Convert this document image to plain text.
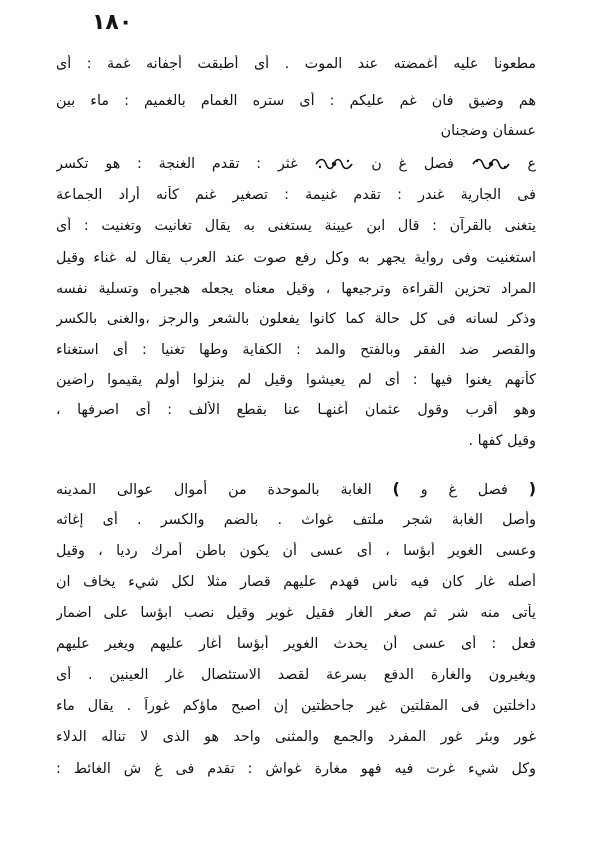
١٨٠
مطعونا عليه أغمضته عند الموت . أى أطبقت أجفانه غمة : أى
هم وضيق فان غم عليكم : أى ستره الغمام بالغميم : ماء بين
عسفان وضجنان
ع  فصل غ ن  غثر : تقدم الغنجة : هو تكسر
فى الجارية غندر : تقدم غنيمة : تصغير غنم كأنه أراد الجماعة
يتغنى بالقرآن : قال ابن عيينة يستغنى به يقال تغانيت وتغنيت : أى
استغنيت وفى رواية يجهر به وكل رفع صوت عند العرب يقال له غناء وقيل
المراد تحزين القراءة وترجيعها ، وقيل معناه يجعله هجيراه وتسلية نفسه
وذكر لسانه فى كل حالة كما كانوا يفعلون بالشعر والرجز ،والغنى بالكسر
والقصر ضد الفقر وبالفتح والمد : الكفاية وطها تغنيا : أى استغناء
كأنهم يغنوا فيها : أى لم يعيشوا وقيل لم ينزلوا أولم يقيموا راضين
وهو أقرب وقول عثمان أغنهـا عنا بقطع الألف : أى اصرفها ،
وقيل كفها .
( فصل غ و ) الغابة بالموحدة من أموال عوالى المدينه
وأصل الغابة شجر ملتف غواث . بالضم والكسر . أى إغاثه
وعسى الغوير أبؤسا ، أى عسى أن يكون باطن أمرك رديا ، وقيل
أصله غار كان فيه ناس فهدم عليهم قصار مثلا لكل شيء يخاف ان
يأتى منه شر ثم صغر الغار فقيل غوير وقيل نصب ابؤسا على اضمار
فعل : أى عسى أن يحدث الغوير أبؤسا أغار عليهم ويغير عليهم
ويغيرون والغارة الدفع بسرعة لقصد الاستئصال غار العينين . أى
داخلتين فى المقلتين غير جاحظتين إن اصبح ماؤكم غوراً . يقال ماء
غور وبئر غور المفرد والجمع والمثنى واحد هو الذى لا تناله الدلاء
وكل شيء غرت فيه فهو مغارة غواش : تقدم فى غ ش الغائط :
